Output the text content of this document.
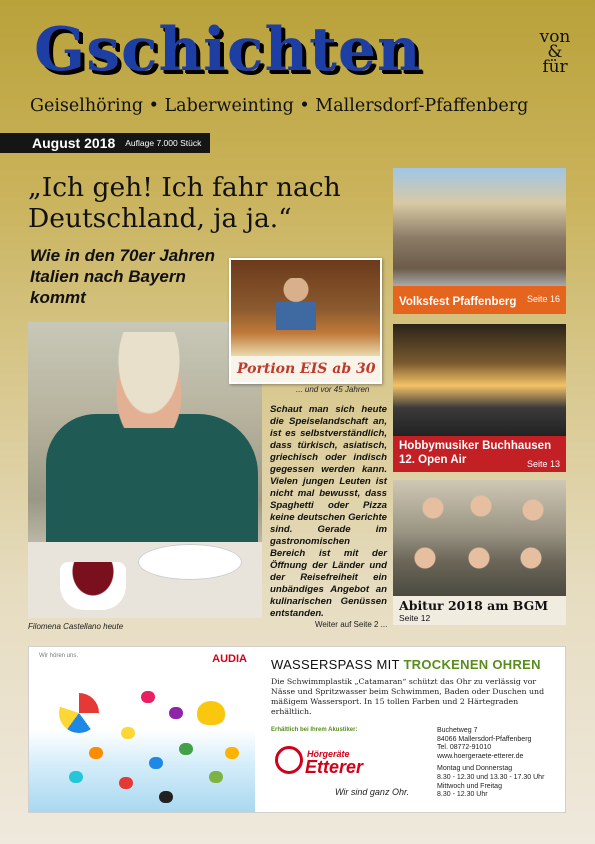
Gschichten	von
&
für
Geiselhöring • Laberweinting • Mallersdorf-Pfaffenberg
August 2018	Auflage 7.000 Stück
„Ich geh! Ich fahr nach Deutschland, ja ja.“
Wie in den 70er Jahren Italien nach Bayern kommt
Filomena Castellano heute
Portion EIS ab 30
... und vor 45 Jahren
Schaut man sich heute die Speiselandschaft an, ist es selbstverständlich, dass türkisch, asiatisch, griechisch oder indisch gegessen werden kann. Vielen jungen Leuten ist nicht mal bewusst, dass Spaghetti oder Pizza keine deutschen Gerichte sind. Gerade im gastronomischen Bereich ist mit der Öffnung der Länder und der Reisefreiheit ein unbändiges Angebot an kulinarischen Genüssen entstanden.
Weiter auf Seite 2 ...
Volksfest Pfaffenberg Seite 16
Hobbymusiker Buchhausen 12. Open Air	Seite 13
Abitur 2018 am BGM
Seite 12
Wir hören uns.	AUDIA WASSERSPASS MIT TROCKENEN OHREN
Die Schwimmplastik „Catamaran“ schützt das Ohr zu verlässig vor Nässe und Spritzwasser beim Schwimmen, Baden oder Duschen und mäßigem Wassersport. In 15 tollen Farben und 2 Härtegraden erhältlich.
Erhältlich bei Ihrem Akustiker:
Hörgeräte
Etterer
Wir sind ganz Ohr.
Buchetweg 7
84066 Mallersdorf-Pfaffenberg
Tel. 08772-91010
www.hoergeraete-etterer.de
Montag und Donnerstag
8.30 - 12.30 und 13.30 - 17.30 Uhr
Mittwoch und Freitag
8.30 - 12.30 Uhr
